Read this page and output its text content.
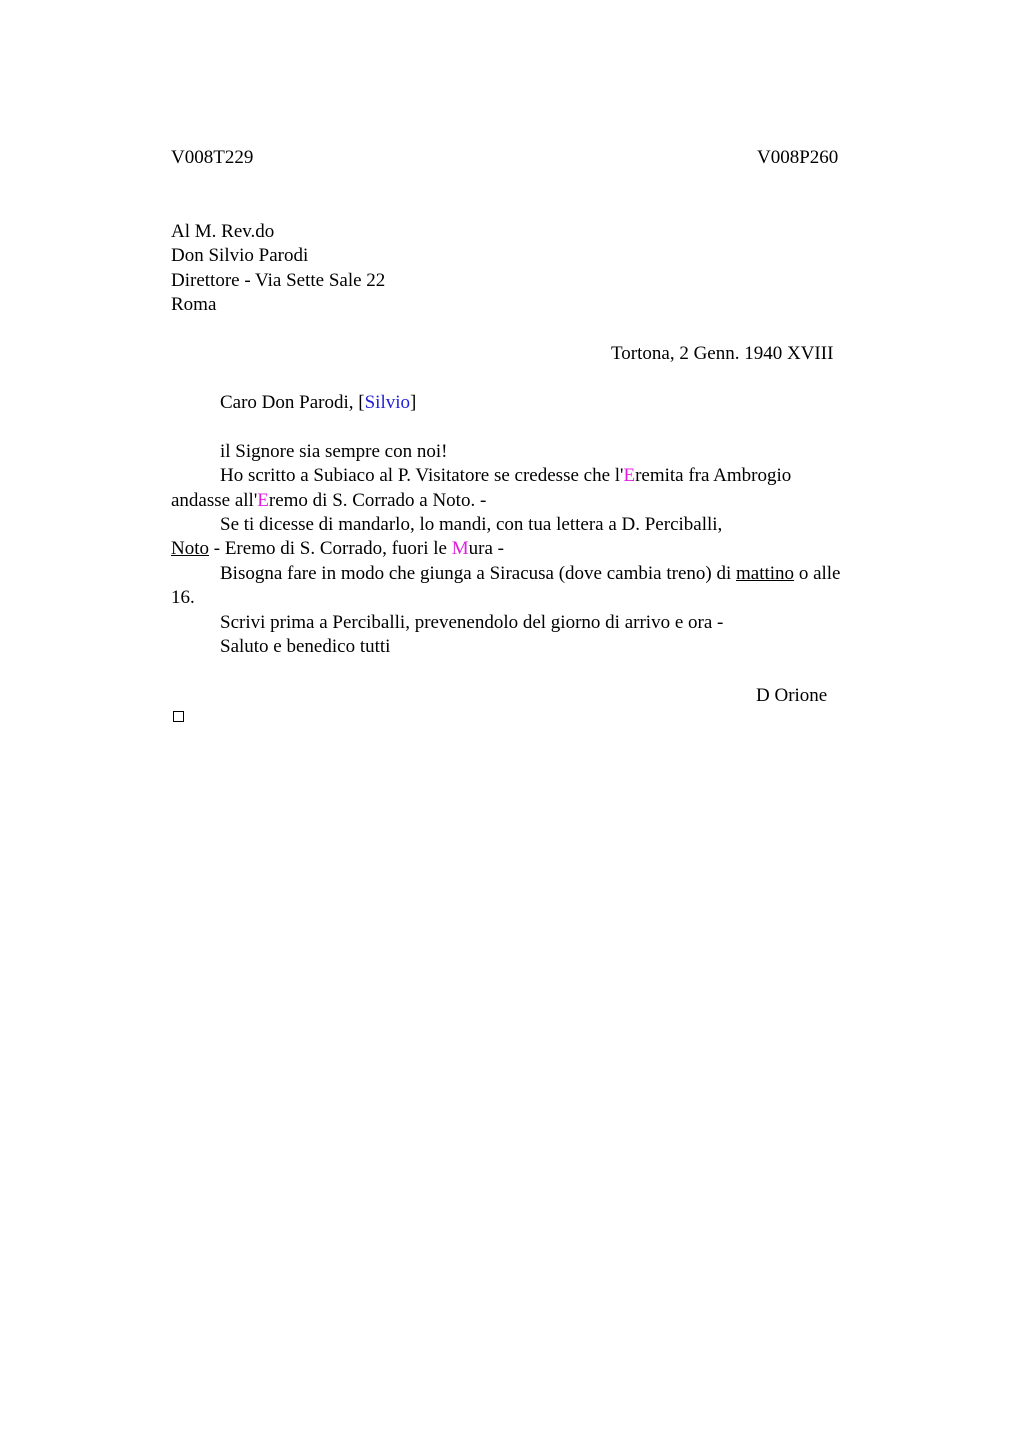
V008T229	V008P260
Al M. Rev.do
Don Silvio Parodi
Direttore - Via Sette Sale 22
Roma
Tortona, 2 Genn. 1940 XVIII
Caro Don Parodi, [Silvio]
il Signore sia sempre con noi!
Ho scritto a Subiaco al P. Visitatore se credesse che l'Eremita fra Ambrogio
andasse all'Eremo di S. Corrado a Noto. -
Se ti dicesse di mandarlo, lo mandi, con tua lettera a D. Perciballi,
Noto - Eremo di S. Corrado, fuori le Mura -
Bisogna fare in modo che giunga a Siracusa (dove cambia treno) di mattino o alle
16.
Scrivi prima a Perciballi, prevenendolo del giorno di arrivo e ora -
Saluto e benedico tutti
D Orione
